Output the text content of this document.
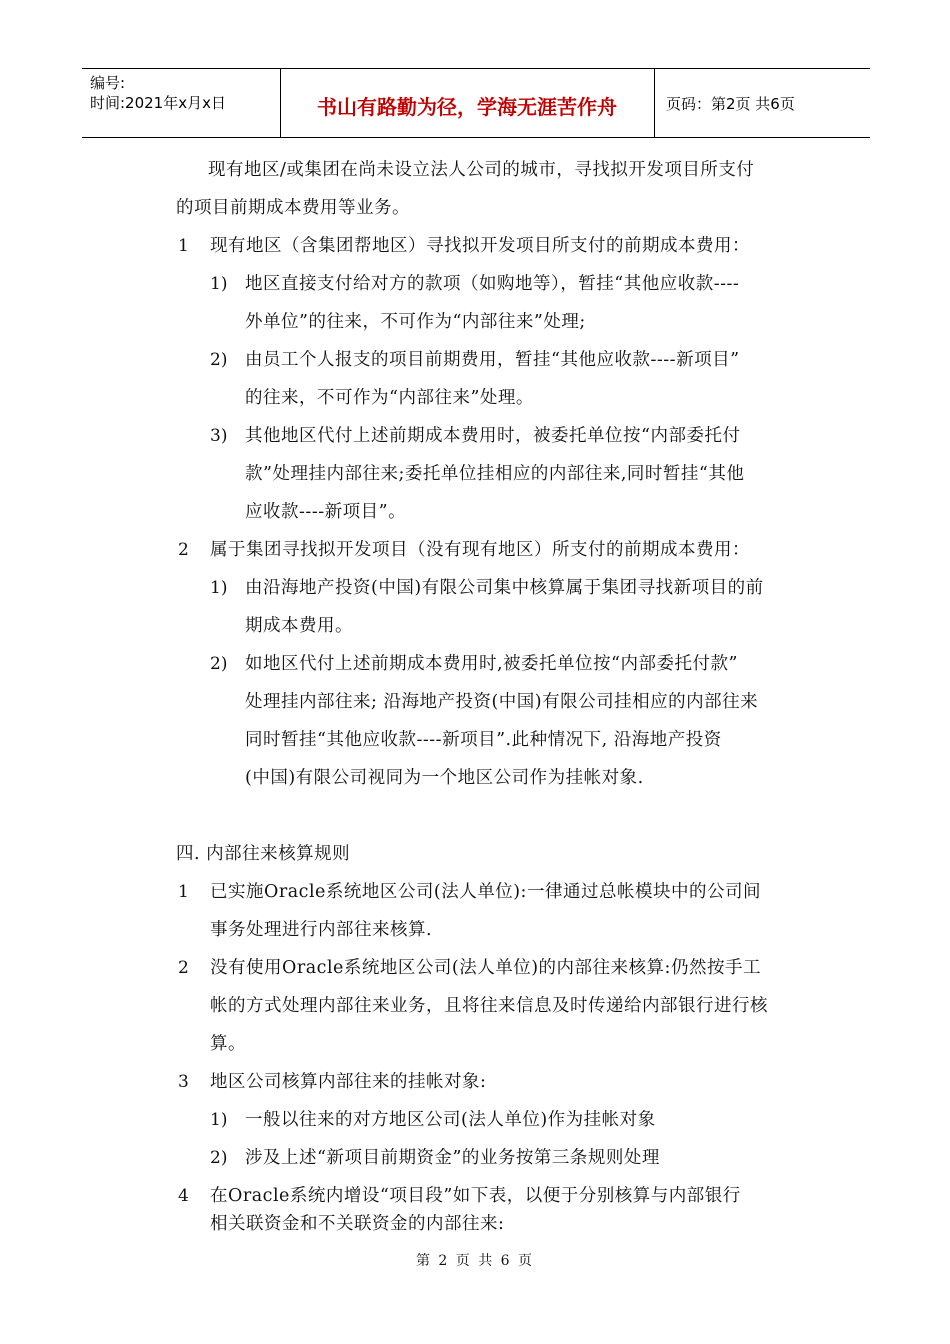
编号:
时间:2021年x月x日	书山有路勤为径，学海无涯苦作舟	页码：第2页 共6页
现有地区/或集团在尚未设立法人公司的城市，寻找拟开发项目所支付
的项目前期成本费用等业务。
1 现有地区（含集团帮地区）寻找拟开发项目所支付的前期成本费用：
1) 地区直接支付给对方的款项（如购地等），暂挂“其他应收款----
外单位”的往来，不可作为“内部往来”处理;
2) 由员工个人报支的项目前期费用，暂挂“其他应收款----新项目”
的往来，不可作为“内部往来”处理。
3) 其他地区代付上述前期成本费用时，被委托单位按“内部委托付
款”处理挂内部往来;委托单位挂相应的内部往来,同时暂挂“其他
应收款----新项目”。
2 属于集团寻找拟开发项目（没有现有地区）所支付的前期成本费用：
1) 由沿海地产投资(中国)有限公司集中核算属于集团寻找新项目的前
期成本费用。
2) 如地区代付上述前期成本费用时,被委托单位按“内部委托付款”
处理挂内部往来; 沿海地产投资(中国)有限公司挂相应的内部往来
同时暂挂“其他应收款----新项目”.此种情况下, 沿海地产投资
(中国)有限公司视同为一个地区公司作为挂帐对象.
四. 内部往来核算规则
1 已实施Oracle系统地区公司(法人单位):一律通过总帐模块中的公司间
事务处理进行内部往来核算.
2 没有使用Oracle系统地区公司(法人单位)的内部往来核算:仍然按手工
帐的方式处理内部往来业务，且将往来信息及时传递给内部银行进行核
算。
3 地区公司核算内部往来的挂帐对象:
1) 一般以往来的对方地区公司(法人单位)作为挂帐对象
2) 涉及上述“新项目前期资金”的业务按第三条规则处理
4 在Oracle系统内增设“项目段”如下表，以便于分别核算与内部银行
相关联资金和不关联资金的内部往来:
第 2 页 共 6 页
